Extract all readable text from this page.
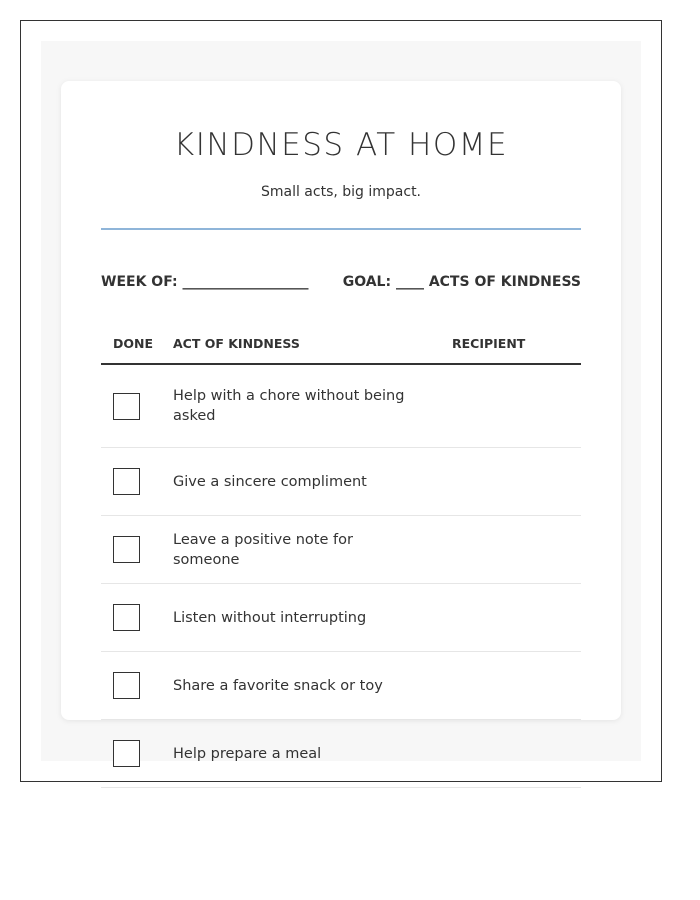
KINDNESS AT HOME

Small acts, big impact.

WEEK OF: __________________ GOAL: ____ ACTS OF KINDNESS
DONE	ACT OF KINDNESS	RECIPIENT
Help with a chore without being asked
Give a sincere compliment
Leave a positive note for someone
Listen without interrupting
Share a favorite snack or toy
Help prepare a meal
